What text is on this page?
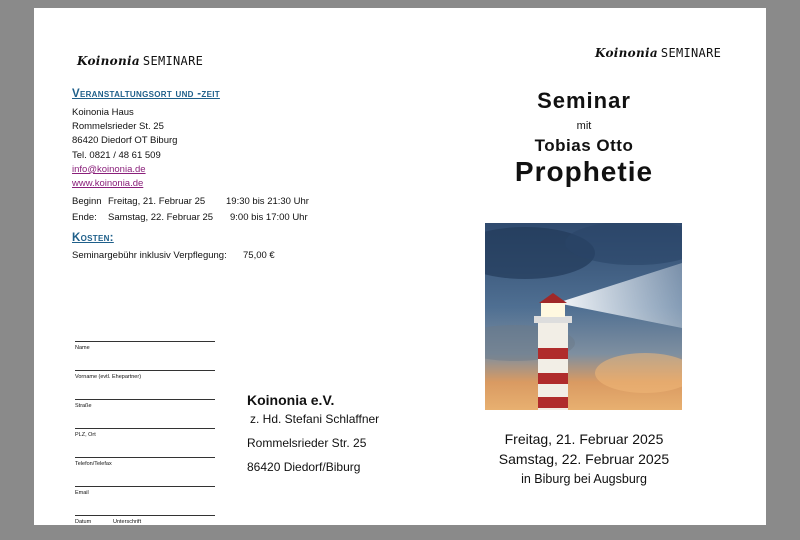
Koinonia SEMINARE
Veranstaltungsort und -zeit
Koinonia Haus
Rommelsrieder St. 25
86420 Diedorf OT Biburg
Tel. 0821 / 48 61 509
info@koinonia.de
www.koinonia.de
Beginn Freitag, 21. Februar 25 19:30 bis 21:30 Uhr
Ende: Samstag, 22. Februar 25 9:00 bis 17:00 Uhr
Kosten:
Seminargebühr inklusiv Verpflegung: 75,00 €
Name
Vorname (evtl. Ehepartner)
Straße
PLZ, Ort
Telefon/Telefax
Email
Datum	Unterschrift
Koinonia e.V.
z. Hd. Stefani Schlaffner
Rommelsrieder Str. 25
86420 Diedorf/Biburg
Koinonia SEMINARE
Seminar
mit
Tobias Otto
Prophetie
Freitag, 21. Februar 2025
Samstag, 22. Februar 2025
in Biburg bei Augsburg
